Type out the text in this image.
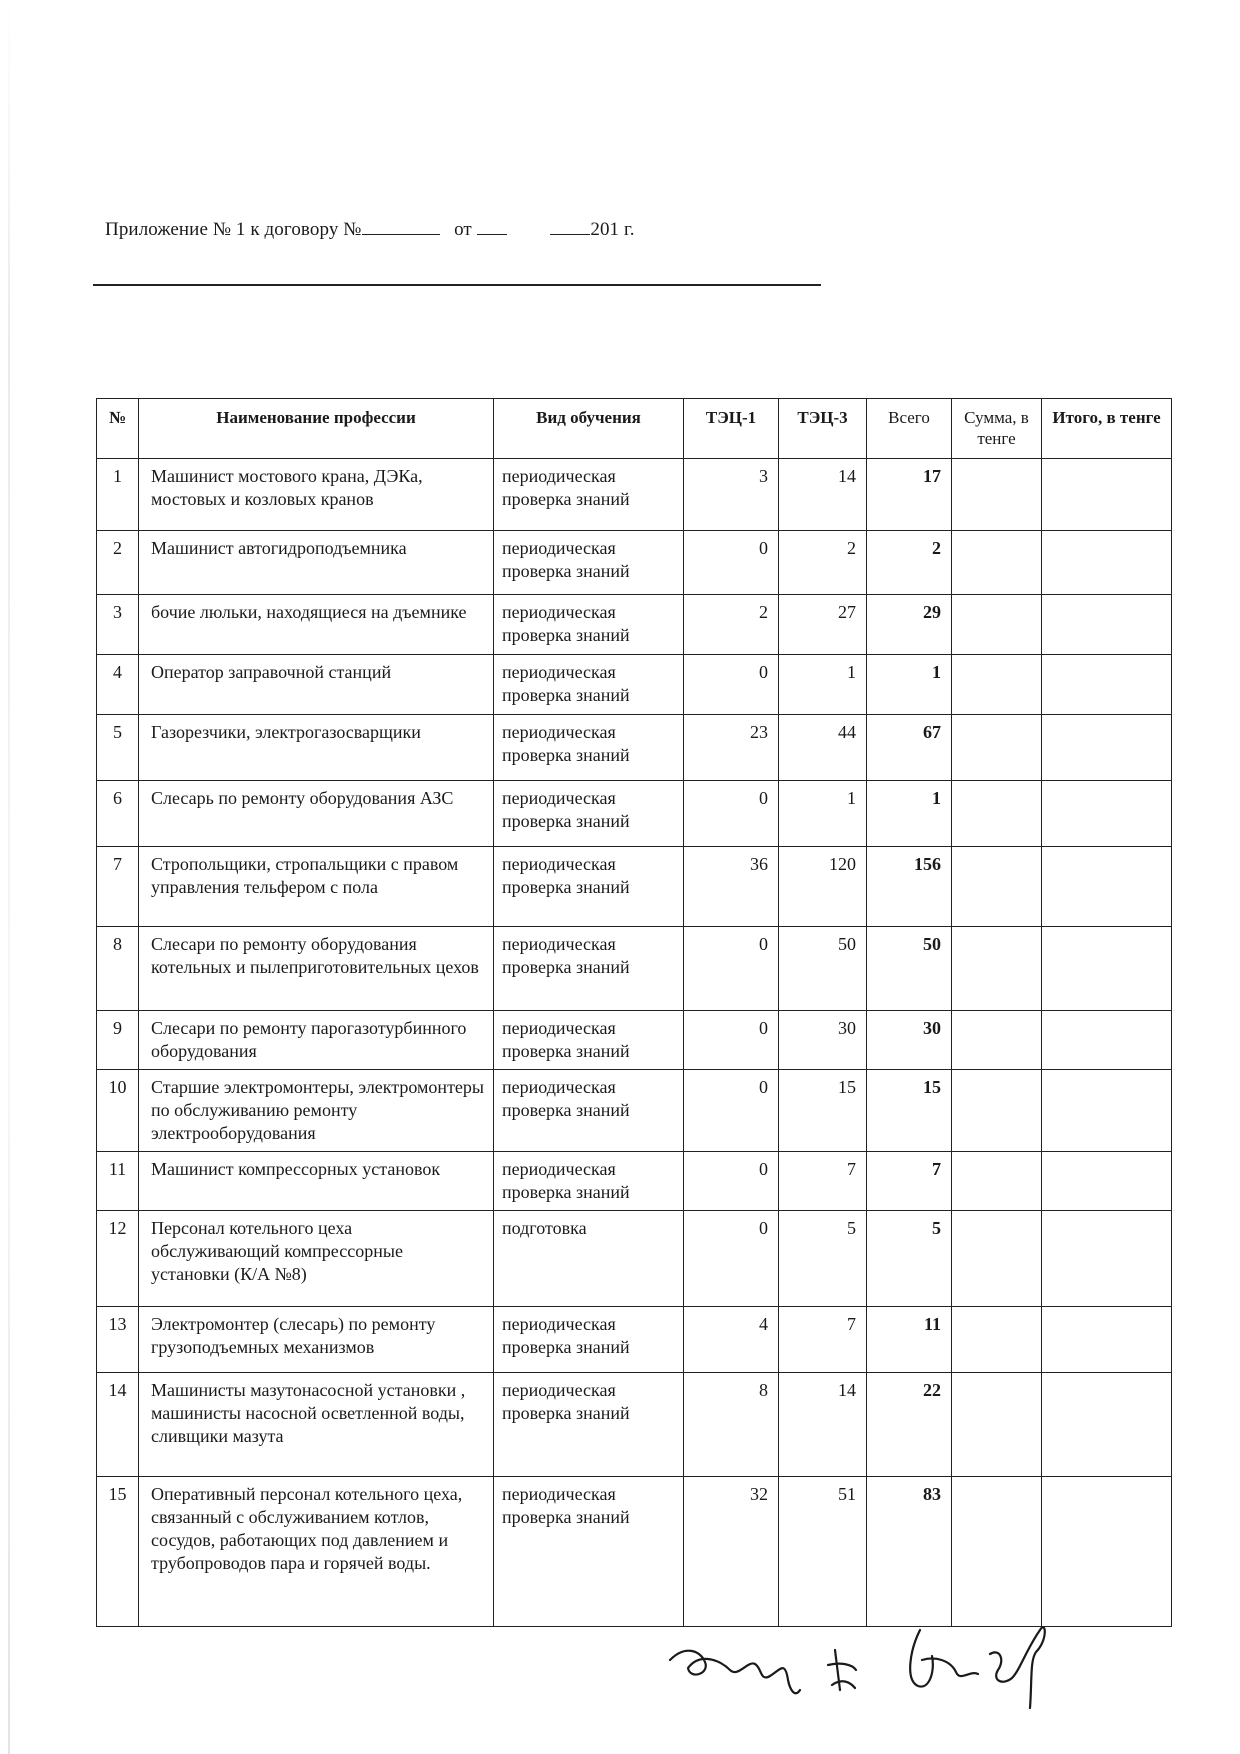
Приложение № 1 к договору №	от	201 г.
№	Наименование профессии	Вид обучения	ТЭЦ-1	ТЭЦ-3	Всего	Сумма, в тенге	Итого, в тенге
1	Машинист мостового крана, ДЭКа, мостовых и козловых кранов	периодическая проверка знаний	3	14	17		
2	Машинист автогидроподъемника	периодическая проверка знаний	0	2	2		
3	бочие люльки, находящиеся на дъемнике	периодическая проверка знаний	2	27	29		
4	Оператор заправочной станций	периодическая проверка знаний	0	1	1		
5	Газорезчики, электрогазосварщики	периодическая проверка знаний	23	44	67		
6	Слесарь по ремонту оборудования АЗС	периодическая проверка знаний	0	1	1		
7	Стропольщики, стропальщики с правом управления тельфером с пола	периодическая проверка знаний	36	120	156		
8	Слесари по ремонту оборудования котельных и пылеприготовительных цехов	периодическая проверка знаний	0	50	50		
9	Слесари по ремонту парогазотурбинного оборудования	периодическая проверка знаний	0	30	30		
10	Старшие электромонтеры, электромонтеры по обслуживанию ремонту электрооборудования	периодическая проверка знаний	0	15	15		
11	Машинист компрессорных установок	периодическая проверка знаний	0	7	7		
12	Персонал котельного цеха обслуживающий компрессорные установки (К/А №8)	подготовка	0	5	5		
13	Электромонтер (слесарь) по ремонту грузоподъемных механизмов	периодическая проверка знаний	4	7	11		
14	Машинисты мазутонасосной установки , машинисты насосной осветленной воды, сливщики мазута	периодическая проверка знаний	8	14	22		
15	Оперативный персонал котельного цеха, связанный с обслуживанием котлов, сосудов, работающих под давлением и трубопроводов пара и горячей воды.	периодическая проверка знаний	32	51	83		
